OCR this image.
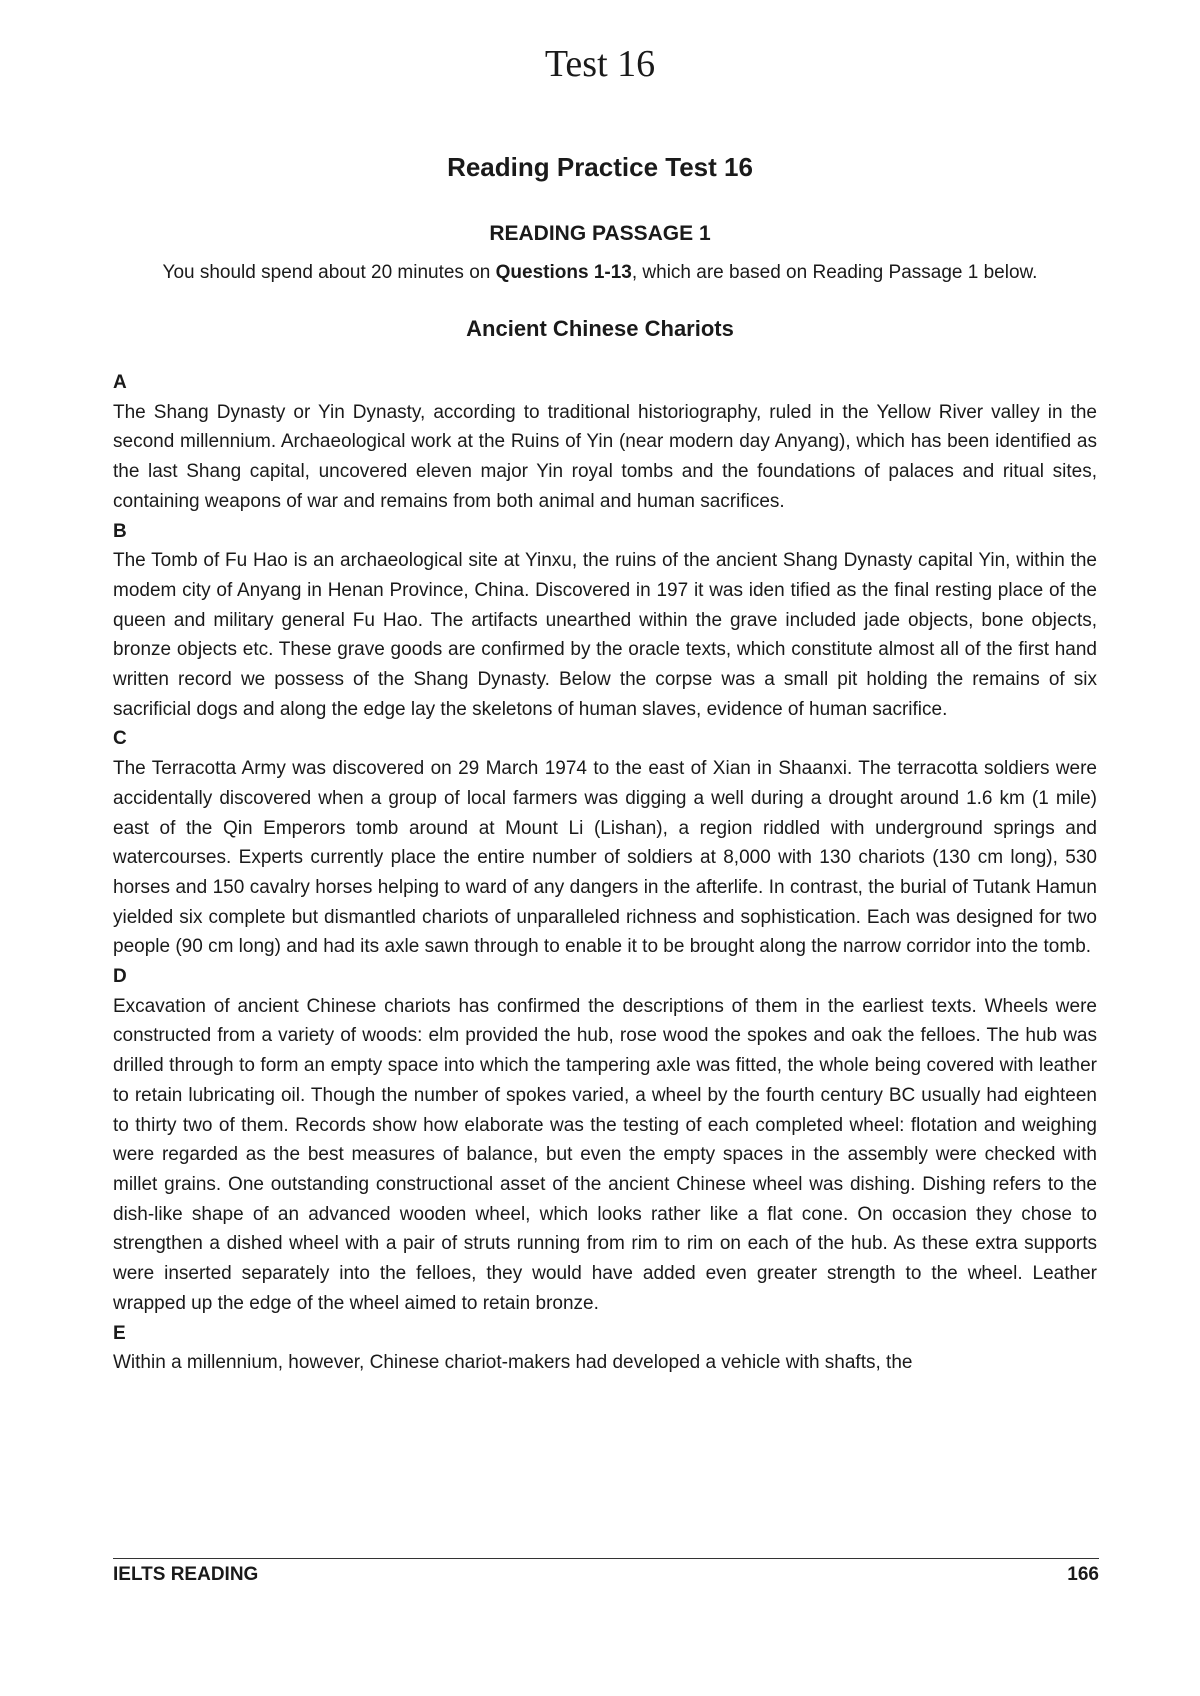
Test 16
Reading Practice Test 16
READING PASSAGE 1

You should spend about 20 minutes on Questions 1-13, which are based on Reading Passage 1 below.

Ancient Chinese Chariots
A

The Shang Dynasty or Yin Dynasty, according to traditional historiography, ruled in the Yellow River valley in the second millennium. Archaeological work at the Ruins of Yin (near modern day Anyang), which has been identified as the last Shang capital, uncovered eleven major Yin royal tombs and the foundations of palaces and ritual sites, containing weapons of war and remains from both animal and human sacrifices.

B

The Tomb of Fu Hao is an archaeological site at Yinxu, the ruins of the ancient Shang Dynasty capital Yin, within the modem city of Anyang in Henan Province, China. Discovered in 197 it was iden tified as the final resting place of the queen and military general Fu Hao. The artifacts unearthed within the grave included jade objects, bone objects, bronze objects etc. These grave goods are confirmed by the oracle texts, which constitute almost all of the first hand written record we possess of the Shang Dynasty. Below the corpse was a small pit holding the remains of six sacrificial dogs and along the edge lay the skeletons of human slaves, evidence of human sacrifice.

C

The Terracotta Army was discovered on 29 March 1974 to the east of Xian in Shaanxi. The terracotta soldiers were accidentally discovered when a group of local farmers was digging a well during a drought around 1.6 km (1 mile) east of the Qin Emperors tomb around at Mount Li (Lishan), a region riddled with underground springs and watercourses. Experts currently place the entire number of soldiers at 8,000 with 130 chariots (130 cm long), 530 horses and 150 cavalry horses helping to ward of any dangers in the afterlife. In contrast, the burial of Tutank Hamun yielded six complete but dismantled chariots of unparalleled richness and sophistication. Each was designed for two people (90 cm long) and had its axle sawn through to enable it to be brought along the narrow corridor into the tomb.

D

Excavation of ancient Chinese chariots has confirmed the descriptions of them in the earliest texts. Wheels were constructed from a variety of woods: elm provided the hub, rose wood the spokes and oak the felloes. The hub was drilled through to form an empty space into which the tampering axle was fitted, the whole being covered with leather to retain lubricating oil. Though the number of spokes varied, a wheel by the fourth century BC usually had eighteen to thirty two of them. Records show how elaborate was the testing of each completed wheel: flotation and weighing were regarded as the best measures of balance, but even the empty spaces in the assembly were checked with millet grains. One outstanding constructional asset of the ancient Chinese wheel was dishing. Dishing refers to the dish-like shape of an advanced wooden wheel, which looks rather like a flat cone. On occasion they chose to strengthen a dished wheel with a pair of struts running from rim to rim on each of the hub. As these extra supports were inserted separately into the felloes, they would have added even greater strength to the wheel. Leather wrapped up the edge of the wheel aimed to retain bronze.

E

Within a millennium, however, Chinese chariot-makers had developed a vehicle with shafts, the

IELTS READING	166
